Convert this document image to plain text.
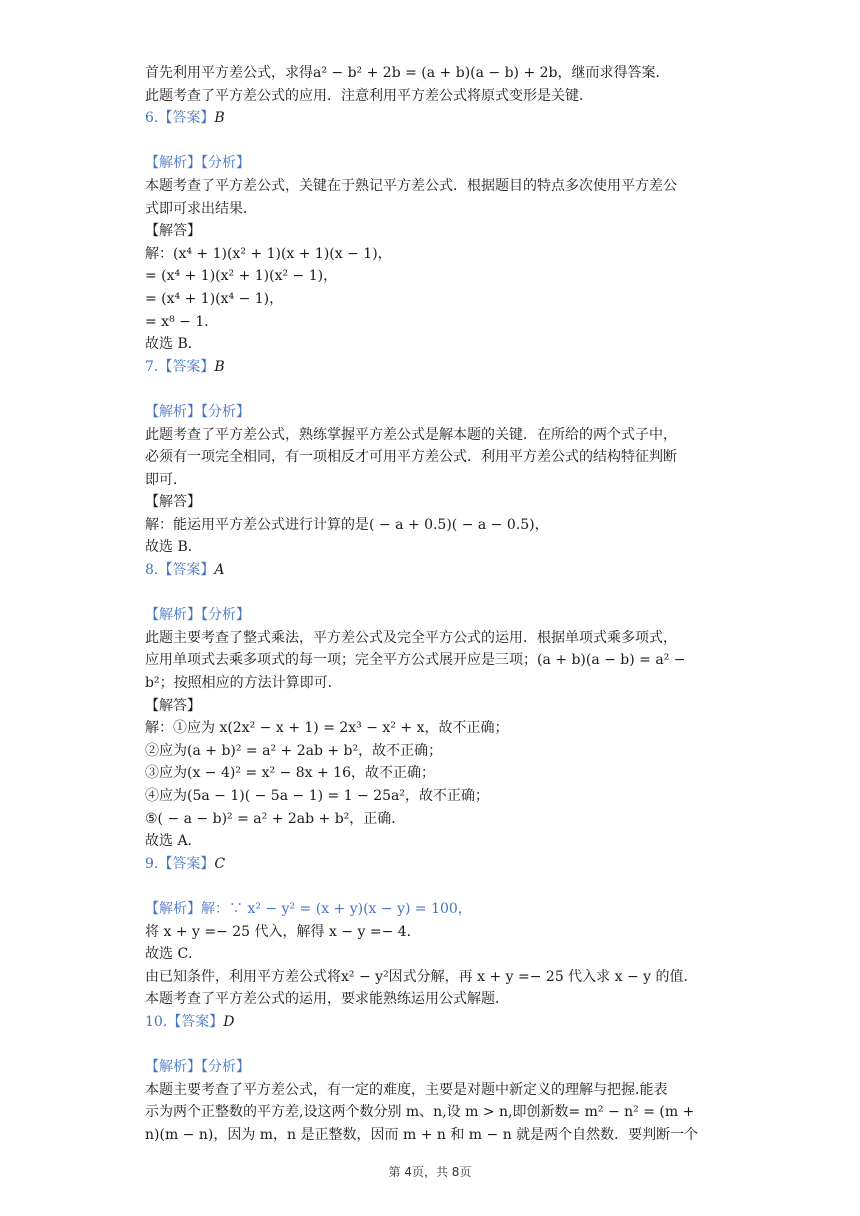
首先利用平方差公式，求得a² − b² + 2b = (a + b)(a − b) + 2b，继而求得答案．
此题考查了平方差公式的应用．注意利用平方差公式将原式变形是关键．
6.【答案】B
【解析】【分析】
本题考查了平方差公式，关键在于熟记平方差公式．根据题目的特点多次使用平方差公
式即可求出结果．
【解答】
解：(x⁴ + 1)(x² + 1)(x + 1)(x − 1)，
= (x⁴ + 1)(x² + 1)(x² − 1)，
= (x⁴ + 1)(x⁴ − 1)，
= x⁸ − 1．
故选 B．
7.【答案】B
【解析】【分析】
此题考查了平方差公式，熟练掌握平方差公式是解本题的关键．在所给的两个式子中，
必须有一项完全相同，有一项相反才可用平方差公式．利用平方差公式的结构特征判断
即可．
【解答】
解：能运用平方差公式进行计算的是( − a + 0.5)( − a − 0.5)，
故选 B．
8.【答案】A
【解析】【分析】
此题主要考查了整式乘法，平方差公式及完全平方公式的运用．根据单项式乘多项式，
应用单项式去乘多项式的每一项；完全平方公式展开应是三项；(a + b)(a − b) = a² −
b²；按照相应的方法计算即可．
【解答】
解：①应为 x(2x² − x + 1) = 2x³ − x² + x，故不正确；
②应为(a + b)² = a² + 2ab + b²，故不正确；
③应为(x − 4)² = x² − 8x + 16，故不正确；
④应为(5a − 1)( − 5a − 1) = 1 − 25a²，故不正确；
⑤( − a − b)² = a² + 2ab + b²，正确．
故选 A．
9.【答案】C
【解析】解：∵ x² − y² = (x + y)(x − y) = 100，
将 x + y =− 25 代入，解得 x − y =− 4．
故选 C．
由已知条件，利用平方差公式将x² − y²因式分解，再 x + y =− 25 代入求 x − y 的值．
本题考查了平方差公式的运用，要求能熟练运用公式解题．
10.【答案】D
【解析】【分析】
本题主要考查了平方差公式，有一定的难度，主要是对题中新定义的理解与把握.能表
示为两个正整数的平方差,设这两个数分别 m、n,设 m > n,即创新数= m² − n² = (m +
n)(m − n)，因为 m，n 是正整数，因而 m + n 和 m − n 就是两个自然数．要判断一个
第 4页，共 8页
